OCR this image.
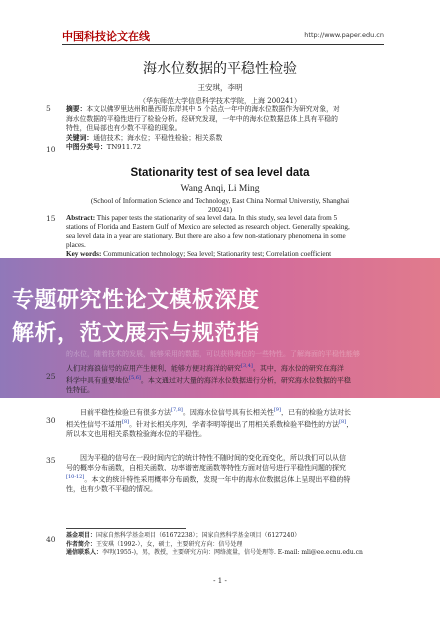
中国科技论文在线	http://www.paper.edu.cn
海水位数据的平稳性检验
王安琪，李明
（华东师范大学信息科学技术学院，上海 200241）
5 摘要：本文以佛罗里达州和墨西哥东岸其中 5 个站点一年中的海水位数据作为研究对象，对
海水位数据的平稳性进行了检验分析。经研究发现，一年中的海水位数据总体上具有平稳的
特性，但局部也有少数不平稳的现象。
关键词：通信技术；海水位；平稳性检验；相关系数
中图分类号：TN911.72
10
Stationarity test of sea level data
Wang Anqi, Li Ming
(School of Information Science and Technology, East China Normal Universtiy, Shanghai
200241)
15 Abstract: This paper tests the stationarity of sea level data. In this study, sea level data from 5
stations of Florida and Eastern Gulf of Mexico are selected as research object. Generally speaking,
sea level data in a year are stationary. But there are also a few non-stationary phenomena in some
places.
Key words: Communication technology; Sea level; Stationarity test; Correlation coefficient
专题研究性论文模板深度
解析，范文展示与规范指
的水位，随着技术的发展，能够采用的数据，可以获得海位的一些特性。了解海面的平稳性能够
人们对海浪信号的应用产生便利，能够方便对海洋的研究[3,4]。其中，海水位的研究在海洋
科学中具有重要地位[5,6]。本文通过对大量的海洋水位数据进行分析，研究海水位数据的平稳
性特征。
25
目前平稳性检验已有很多方法[7,8]。因海水位信号具有长相关性[9]，已有的检验方法对长
相关性信号不适用[8]。针对长相关序列，学者李明等提出了用相关系数检验平稳性的方法[8]，
所以本文也用相关系数检验海水位的平稳性。
30
因为平稳的信号在一段时间内它的统计特性不随时间的变化而变化，所以我们可以从信
号的概率分布函数，自相关函数、功率谱密度函数等特性方面对信号进行平稳性问题的探究
[10-12]。本文的统计特性采用概率分布函数，发现一年中的海水位数据总体上呈现出平稳的特
性，也有少数不平稳的情况。
35
基金项目：国家自然科学基金项目（61672238）；国家自然科学基金项目（6127240）
作者简介：王安琪（1992-），女，硕士，主要研究方向：信号处理
通信联系人：李明(1955-)，男，教授，主要研究方向：网络流量，信号处理等. E-mail: mli@ee.ecnu.edu.cn
40
- 1 -
